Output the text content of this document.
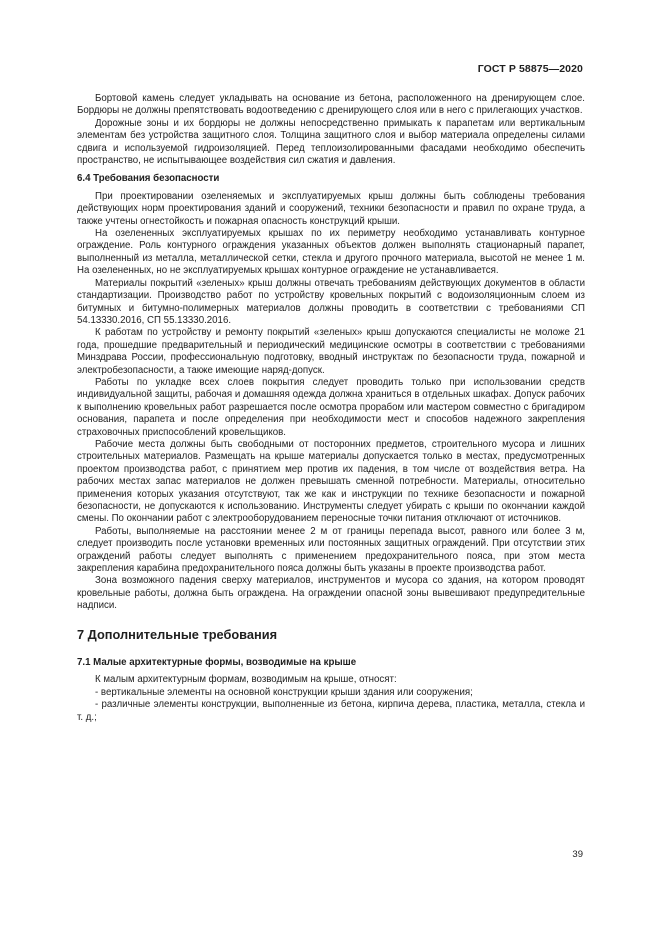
ГОСТ Р 58875—2020

Бортовой камень следует укладывать на основание из бетона, расположенного на дренирующем слое. Бордюры не должны препятствовать водоотведению с дренирующего слоя или в него с прилегающих участков.

Дорожные зоны и их бордюры не должны непосредственно примыкать к парапетам или вертикальным элементам без устройства защитного слоя. Толщина защитного слоя и выбор материала определены силами сдвига и используемой гидроизоляцией. Перед теплоизолированными фасадами необходимо обеспечить пространство, не испытывающее воздействия сил сжатия и давления.

6.4 Требования безопасности

При проектировании озеленяемых и эксплуатируемых крыш должны быть соблюдены требования действующих норм проектирования зданий и сооружений, техники безопасности и правил по охране труда, а также учтены огнестойкость и пожарная опасность конструкций крыши.

На озелененных эксплуатируемых крышах по их периметру необходимо устанавливать контурное ограждение. Роль контурного ограждения указанных объектов должен выполнять стационарный парапет, выполненный из металла, металлической сетки, стекла и другого прочного материала, высотой не менее 1 м. На озелененных, но не эксплуатируемых крышах контурное ограждение не устанавливается.

Материалы покрытий «зеленых» крыш должны отвечать требованиям действующих документов в области стандартизации. Производство работ по устройству кровельных покрытий с водоизоляционным слоем из битумных и битумно-полимерных материалов должны проводить в соответствии с требованиями СП 54.13330.2016, СП 55.13330.2016.

К работам по устройству и ремонту покрытий «зеленых» крыш допускаются специалисты не моложе 21 года, прошедшие предварительный и периодический медицинские осмотры в соответствии с требованиями Минздрава России, профессиональную подготовку, вводный инструктаж по безопасности труда, пожарной и электробезопасности, а также имеющие наряд-допуск.

Работы по укладке всех слоев покрытия следует проводить только при использовании средств индивидуальной защиты, рабочая и домашняя одежда должна храниться в отдельных шкафах. Допуск рабочих к выполнению кровельных работ разрешается после осмотра прорабом или мастером совместно с бригадиром основания, парапета и после определения при необходимости мест и способов надежного закрепления страховочных приспособлений кровельщиков.

Рабочие места должны быть свободными от посторонних предметов, строительного мусора и лишних строительных материалов. Размещать на крыше материалы допускается только в местах, предусмотренных проектом производства работ, с принятием мер против их падения, в том числе от воздействия ветра. На рабочих местах запас материалов не должен превышать сменной потребности. Материалы, относительно применения которых указания отсутствуют, так же как и инструкции по технике безопасности и пожарной безопасности, не допускаются к использованию. Инструменты следует убирать с крыши по окончании каждой смены. По окончании работ с электрооборудованием переносные точки питания отключают от источников.

Работы, выполняемые на расстоянии менее 2 м от границы перепада высот, равного или более 3 м, следует производить после установки временных или постоянных защитных ограждений. При отсутствии этих ограждений работы следует выполнять с применением предохранительного пояса, при этом места закрепления карабина предохранительного пояса должны быть указаны в проекте производства работ.

Зона возможного падения сверху материалов, инструментов и мусора со здания, на котором проводят кровельные работы, должна быть ограждена. На ограждении опасной зоны вывешивают предупредительные надписи.

7 Дополнительные требования
7.1 Малые архитектурные формы, возводимые на крыше

К малым архитектурным формам, возводимым на крыше, относят:

- вертикальные элементы на основной конструкции крыши здания или сооружения;

- различные элементы конструкции, выполненные из бетона, кирпича дерева, пластика, металла, стекла и т. д.;

39
